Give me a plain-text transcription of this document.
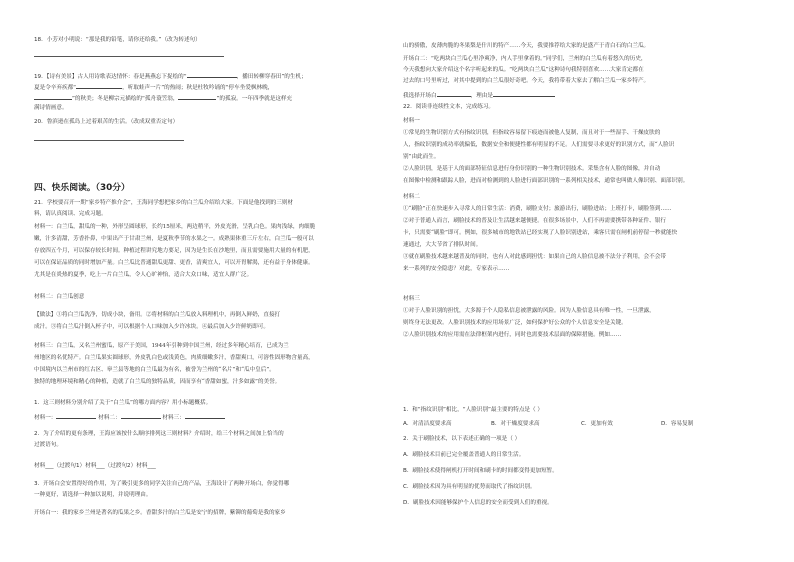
18．小芳对小明说：“那是我的铅笔，请你还给我。”（改为转述句）
19．【诗有美景】古人用诗歌表达情怀：春是燕燕忘下捉绘的“	，播田转柳穿春田”的生机；
夏是令辛弃疾都“	，听取蛙声一片”的热闹；秋是杜牧吟诵的“停车坐爱枫林晚，
”的秋美；冬是柳宗元描绘的“孤舟蓑笠翁，	”的孤寂。一年四季就是这样充
满诗情画意。
20．鲁滨逊在孤岛上过着艰苦的生活。（改成双重否定句）
四、快乐阅读。（30分）
21．学校要召开一期“家乡特产推介会”，王海同学想把家乡的白兰瓜介绍给大家。下面是他找到的三则材
料，请认真阅读、完成习题。
材料一：白兰瓜，甜瓜的一种，外形呈圆球形，长约15厘米，两边稍平，外皮光滑，呈乳白色。果肉浅绿，肉细脆
嫩，汁多清甜，芳香扑鼻，中果出产于甘肃兰州，是夏秋季节的水果之一。成熟果体重三斤左右，白兰瓜一般可以
存放四五个月，可以保存较长时间。种植过程讲究地力要足，因为是生长在沙地里，而且需要施用大量的有机肥，
可以在保证品质的同时增加产量。白兰瓜比普通甜瓜更甜、更香，清爽宜人，可以开胃解渴，还有益于身体健康。
尤其是在炎热的夏季，吃上一片白兰瓜，令人心旷神怡，适合大众口味，适宜人群广泛。
材料二：白兰瓜创意
【做法】①将白兰瓜洗净，切成小块，备用。②将材料的白兰瓜放入料理机中，再倒入鲜奶，直接打
成汁。③将白兰瓜汁倒入杯子中，可以根据个人口味加入少许冰块。④最后加入少许鲜奶即可。
材料三：白兰瓜，又名兰州蜜瓜，原产于美国，1944年引种到中国兰州，经过多年精心培育，已成为兰
州地区的名优特产。白兰瓜果实圆球形，外皮乳白色或浅黄色，肉质细嫩多汁，香甜爽口，可溶性固形物含量高，
中国境内以兰州市的红古区、皋兰县等地的白兰瓜最为有名，被誉为兰州的“名片”和“瓜中皇后”。
独特的地理环境和精心的种植，造就了白兰瓜的独特品质，因而享有“香甜如蜜，汁多如露”的美誉。
1．这三则材料分别介绍了关于“白兰瓜”的哪方面内容？用小标题概括。
材料一：	材料二：	材料三：
2．为了介绍的更有条理，王海应该按什么顺序排列这三则材料？介绍时，给三个材料之间加上恰当的
过渡语句。
材料___（过渡句1）材料___（过渡句2）材料___
3．开场白会安置得好的作用，为了吸引更多的同学关注自己的产品，王海设计了两种开场白，你觉得哪
一种更好，请选择一种加以说明，并说明理由。
开场白一：我的家乡兰州是著名的瓜果之乡。香甜多汁的白兰瓜是安宁的招牌，紫铆的葡萄是我的家乡
山的骄傲，皮薄肉脆的冬果梨是什川的特产……今天，我要推荐给大家的是盛产于青白石的白兰瓜。
开场白二：“吃两块白兰瓜心里净爽净，内人手里拿着的。”同学们，兰州的白兰瓜有着悠久的历史，
今天我想向大家介绍这个名字听起来的瓜。“吃两块白兰瓜”这种诗句我特别喜欢……大家肯定都在
过去的口号里听过，对其中提到的白兰瓜很好奇吧。今天，我将带着大家去了解白兰瓜一家乡特产。
我选择开场白	，理由是
22．阅读非连续性文本，完成练习。
材料一
①常见的生物识别方式有指纹识别，但指纹容易留下痕迹而被他人复制，而且对于一些湿手、干燥皮肤的
人，指纹识别的成功率就偏低，数据安全和便捷性都有明显的不足。人们需要寻求更好的识别方式，而“人脸识
别”由此而生。
②人脸识别，是基于人的面部特征信息进行身份识别的一种生物识别技术。采集含有人脸的图像，并自动
在图像中检测和跟踪人脸，进而对检测到的人脸进行面部识别的一系列相关技术，通常也叫做人像识别、面部识别。
材料二
①“刷脸”正在快速步入寻常人的日常生活：消费，刷脸支付；旅游出行，刷脸进站；上班打卡，刷脸签到……
②对于普通人而言，刷脸技术的普及让生活越来越便捷。在很多场景中，人们不再需要携带各种证件、银行
卡，只需要“刷脸”即可。例如，很多城市的地铁站已经实现了人脸识别进站，乘客只需在闸机前停留一秒就能快
速通过，大大节省了排队时间。
③就在刷脸技术越来越普及的同时，也有人对此感到担忧：如果自己的人脸信息被不法分子利用，会不会带
来一系列的安全隐患？对此，专家表示……
材料三
①对于人脸识别的担忧，大多源于个人隐私信息被泄露的风险。因为人脸信息具有唯一性，一旦泄露，
则终身无法更改。人脸识别技术的应用场景广泛，如何保护好公众的个人信息安全是关键。
②人脸识别技术的应用需在法律框架内进行，同时也需要技术层面的保障措施。例如……
1．和“指纹识别”相比，“人脸识别”最主要的特点是（ ）
A．对清洁度要求高	B．对干燥度要求高	C．更加有效	D．容易复制
2．关于刷脸技术，以下表述正确的一项是（ ）
A．刷脸技术目前已完全覆盖普通人的日常生活。
B．刷脸技术使得闸机打开时间和刷卡的时间都变得更加短暂。
C．刷脸技术因为具有明显的优势而取代了指纹识别。
D．刷脸技术因能够保护个人信息的安全而受到人们的重视。
